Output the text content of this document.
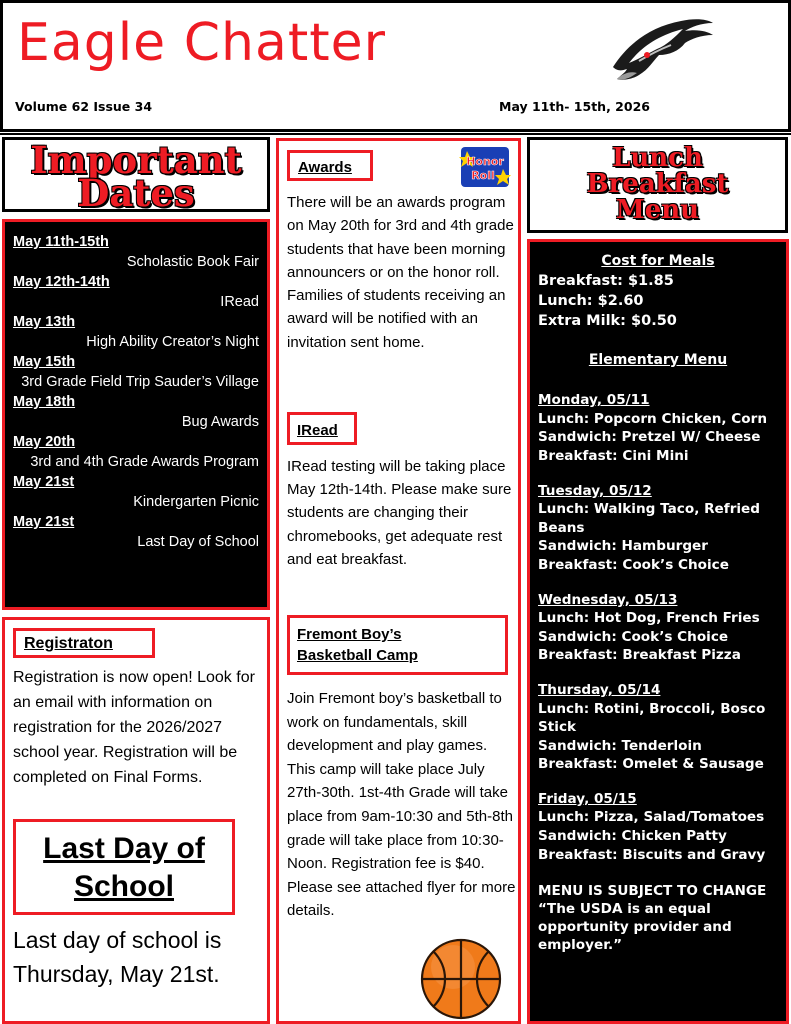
Eagle Chatter
Volume 62 Issue 34	May 11th- 15th, 2026
Important
Dates
May 11th-15th
Scholastic Book Fair
May 12th-14th
IRead
May 13th
High Ability Creator’s Night
May 15th
3rd Grade Field Trip Sauder’s Village
May 18th
Bug Awards
May 20th
3rd and 4th Grade Awards Program
May 21st
Kindergarten Picnic
May 21st
Last Day of School
Registraton
Registration is now open! Look for an email with information on registration for the 2026/2027 school year. Registration will be completed on Final Forms.
Last Day of
School
Last day of school is Thursday, May 21st.
Awards	Honor
Roll
There will be an awards program on May 20th for 3rd and 4th grade students that have been morning announcers or on the honor roll. Families of students receiving an award will be notified with an invitation sent home.
IRead
IRead testing will be taking place May 12th-14th. Please make sure students are changing their chromebooks, get adequate rest and eat breakfast.
Fremont Boy’s
Basketball Camp
Join Fremont boy’s basketball to work on fundamentals, skill development and play games. This camp will take place July 27th-30th. 1st-4th Grade will take place from 9am-10:30 and 5th-8th grade will take place from 10:30-Noon. Registration fee is $40. Please see attached flyer for more details.
Lunch
Breakfast
Menu
Cost for Meals
Breakfast: $1.85
Lunch: $2.60
Extra Milk: $0.50
Elementary Menu
Monday, 05/11
Lunch: Popcorn Chicken, Corn
Sandwich: Pretzel W/ Cheese
Breakfast: Cini Mini
Tuesday, 05/12
Lunch: Walking Taco, Refried Beans
Sandwich: Hamburger
Breakfast: Cook’s Choice
Wednesday, 05/13
Lunch: Hot Dog, French Fries
Sandwich: Cook’s Choice
Breakfast: Breakfast Pizza
Thursday, 05/14
Lunch: Rotini, Broccoli, Bosco Stick
Sandwich: Tenderloin
Breakfast: Omelet & Sausage
Friday, 05/15
Lunch: Pizza, Salad/Tomatoes
Sandwich: Chicken Patty
Breakfast: Biscuits and Gravy
MENU IS SUBJECT TO CHANGE
“The USDA is an equal opportunity provider and employer.”
